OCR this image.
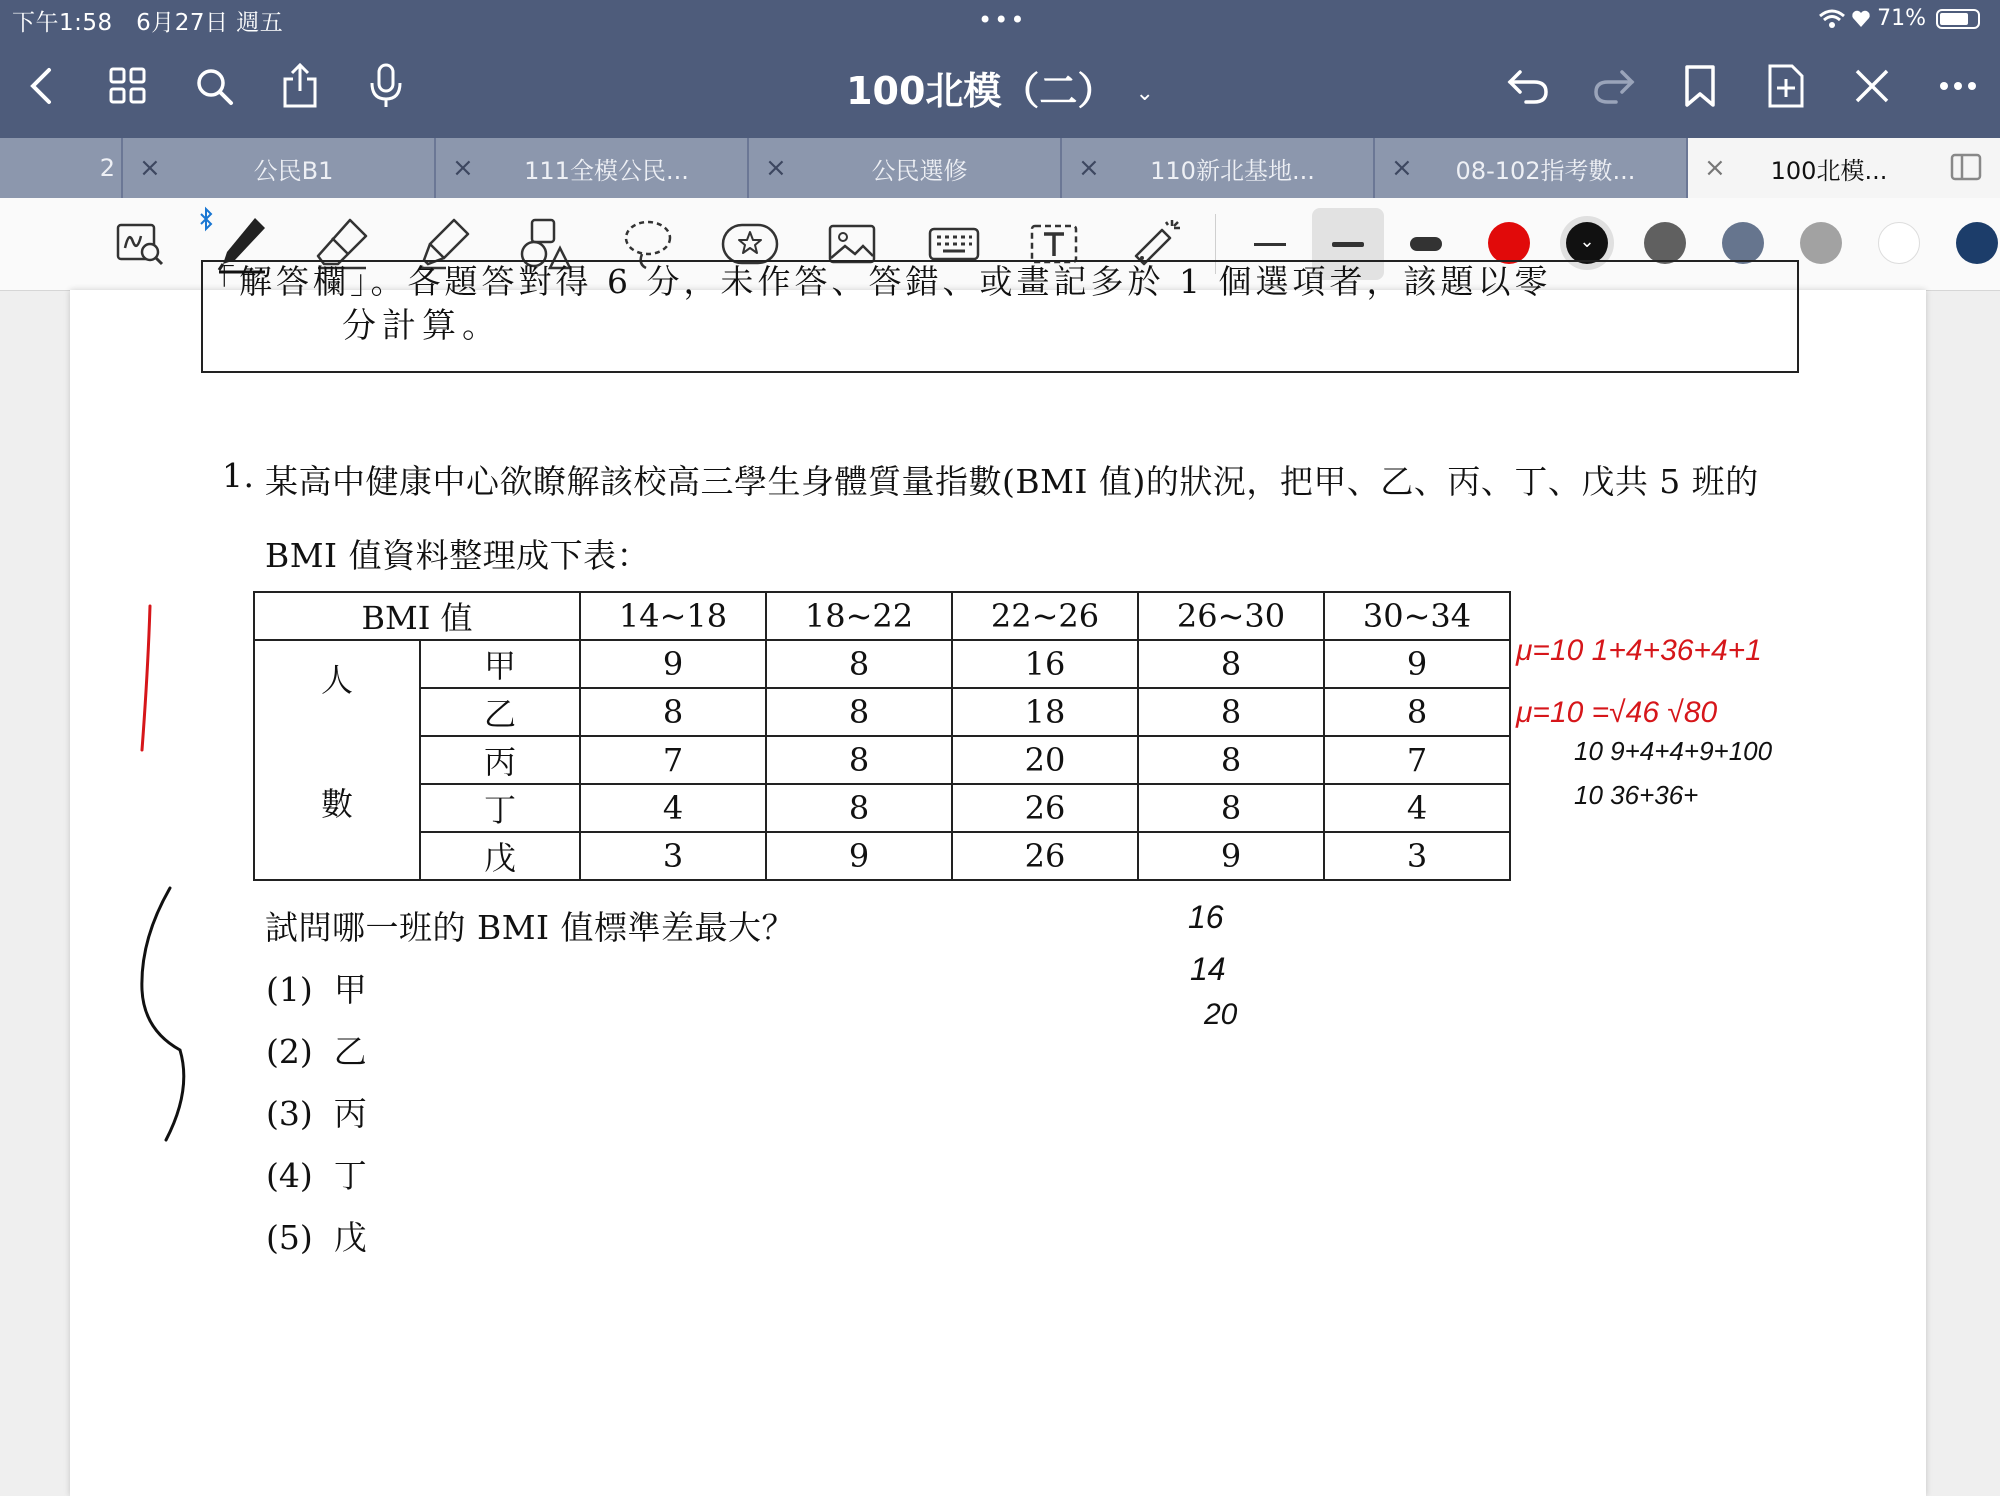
下午1:58 6月27日 週五	•••	71%
100北模（二） ⌄
2 ×	公民B1	×	111全模公民...	×	公民選修	×	110新北基地...	×	08-102指考數...	×	100北模...
⌄
「解答欄」。各題答對得 6 分，未作答、答錯、或畫記多於 1 個選項者，該題以零
分計算。
1. 某高中健康中心欲瞭解該校高三學生身體質量指數(BMI 值)的狀況，把甲、乙、丙、丁、戊共 5 班的
BMI 值資料整理成下表：
BMI 值		14~18	18~22	22~26	26~30	30~34

人
數	甲	9	8	16	8	9
	乙	8	8	18	8	8
	丙	7	8	20	8	7
	丁	4	8	26	8	4
	戊	3	9	26	9	3
試問哪一班的 BMI 值標準差最大？
(1) 甲
(2) 乙
(3) 丙
(4) 丁
(5) 戊
μ=10 1+4+36+4+1
μ=10 =√46 √80
10 9+4+4+9+100
10 36+36+
16
14
20
